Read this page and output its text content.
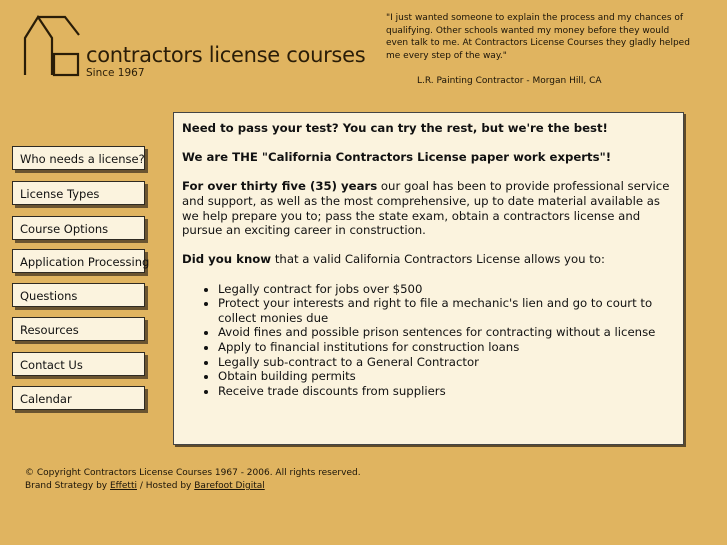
contractors license courses
Since 1967
"I just wanted someone to explain the process and my chances of qualifying. Other schools wanted my money before they would even talk to me. At Contractors License Courses they gladly helped me every step of the way."
L.R. Painting Contractor - Morgan Hill, CA
Who needs a license?
License Types
Course Options
Application Processing
Questions
Resources
Contact Us
Calendar

Need to pass your test? You can try the rest, but we're the best!

We are THE "California Contractors License paper work experts"!

For over thirty five (35) years our goal has been to provide professional service and support, as well as the most comprehensive, up to date material available as we help prepare you to; pass the state exam, obtain a contractors license and pursue an exciting career in construction.

Did you know that a valid California Contractors License allows you to:

• Legally contract for jobs over $500
• Protect your interests and right to file a mechanic's lien and go to court to collect monies due
• Avoid fines and possible prison sentences for contracting without a license
• Apply to financial institutions for construction loans
• Legally sub-contract to a General Contractor
• Obtain building permits
• Receive trade discounts from suppliers
© Copyright Contractors License Courses 1967 - 2006. All rights reserved.
Brand Strategy by Effetti / Hosted by Barefoot Digital
